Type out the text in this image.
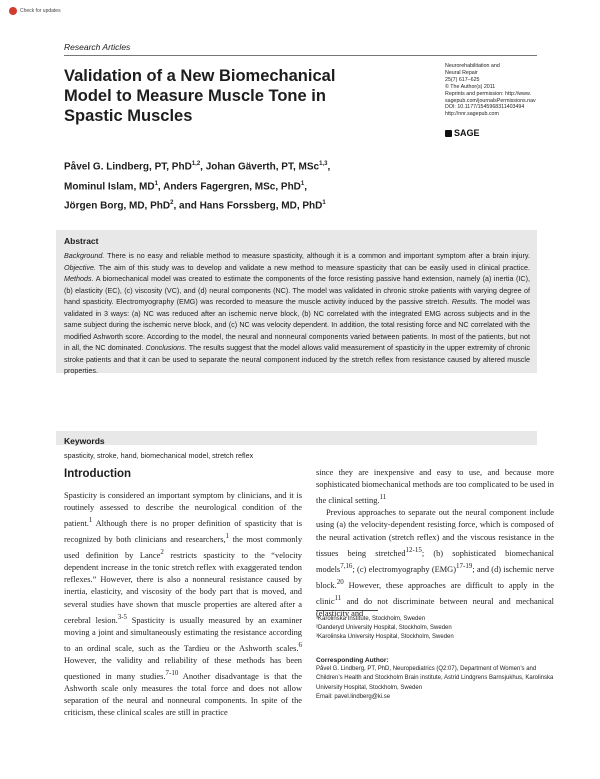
Check for updates
Research Articles
Validation of a New Biomechanical Model to Measure Muscle Tone in Spastic Muscles
Neurorehabilitation and
Neural Repair
25(7) 617–625
© The Author(s) 2011
Reprints and permission: http://www.
sagepub.com/journalsPermissions.nav
DOI: 10.1177/1545968311403494
http://nnr.sagepub.com
SAGE
Påvel G. Lindberg, PT, PhD$^{1,2}$, Johan Gäverth, PT, MSc$^{1,3}$,
Mominul Islam, $MD^1$, Anders Fagergren, MSc, PhD$^1$,
Jörgen Borg, MD, PhD$^2$, and Hans Forssberg, MD, PhD$^1$
Abstract
Background. There is no easy and reliable method to measure spasticity, although it is a common and important symptom after a brain injury. Objective. The aim of this study was to develop and validate a new method to measure spasticity that can be easily used in clinical practice. Methods. A biomechanical model was created to estimate the components of the force resisting passive hand extension, namely (a) inertia (IC), (b) elasticity (EC), (c) viscosity (VC), and (d) neural components (NC). The model was validated in chronic stroke patients with varying degree of hand spasticity. Electromyography (EMG) was recorded to measure the muscle activity induced by the passive stretch. Results. The model was validated in 3 ways: (a) NC was reduced after an ischemic nerve block, (b) NC correlated with the integrated EMG across subjects and in the same subject during the ischemic nerve block, and (c) NC was velocity dependent. In addition, the total resisting force and NC correlated with the modified Ashworth score. According to the model, the neural and nonneural components varied between patients. In most of the patients, but not in all, the NC dominated. Conclusions. The results suggest that the model allows valid measurement of spasticity in the upper extremity of chronic stroke patients and that it can be used to separate the neural component induced by the stretch reflex from resistance caused by altered muscle properties.
Keywords
spasticity, stroke, hand, biomechanical model, stretch reflex
Introduction

Spasticity is considered an important symptom by clinicians, and it is routinely assessed to describe the neurological condition of the patient.$^1$ Although there is no proper definition of spasticity that is recognized by both clinicians and researchers,$^1$ the most commonly used definition by Lance$^2$ restricts spasticity to the “velocity dependent increase in the tonic stretch reflex with exaggerated tendon reflexes.” However, there is also a nonneural resistance caused by inertia, elasticity, and viscosity of the body part that is moved, and several studies have shown that muscle properties are altered after a cerebral lesion.$^{3-5}$ Spasticity is usually measured by an examiner moving a joint and simultaneously estimating the resistance according to an ordinal scale, such as the Tardieu or the Ashworth scales.$^6$ However, the validity and reliability of these methods has been questioned in many studies.$^{7-10}$ Another disadvantage is that the Ashworth scale only measures the total force and does not allow separation of the neural and nonneural components. In spite of the criticism, these clinical scales are still in practice

since they are inexpensive and easy to use, and because more sophisticated biomechanical methods are too complicated to be used in the clinical setting.$^{11}$

Previous approaches to separate out the neural component include using (a) the velocity-dependent resisting force, which is composed of the neural activation (stretch reflex) and the viscous resistance in the tissues being stretched$^{12-15}$; (b) sophisticated biomechanical models$^{7,16}$; (c) electromyography (EMG)$^{17-19}$; and (d) ischemic nerve block.$^{20}$ However, these approaches are difficult to apply in the clinic$^{11}$ and do not discriminate between neural and mechanical (elasticity and

¹Karolinska Institute, Stockholm, Sweden
²Danderyd University Hospital, Stockholm, Sweden
³Karolinska University Hospital, Stockholm, Sweden
Corresponding Author:
Påvel G. Lindberg, PT, PhD, Neuropediatrics (Q2:07), Department of Women’s and Children’s Health and Stockholm Brain institute, Astrid Lindgrens Barnsjukhus, Karolinska University Hospital, Stockholm, Sweden
Email: pavel.lindberg@ki.se
